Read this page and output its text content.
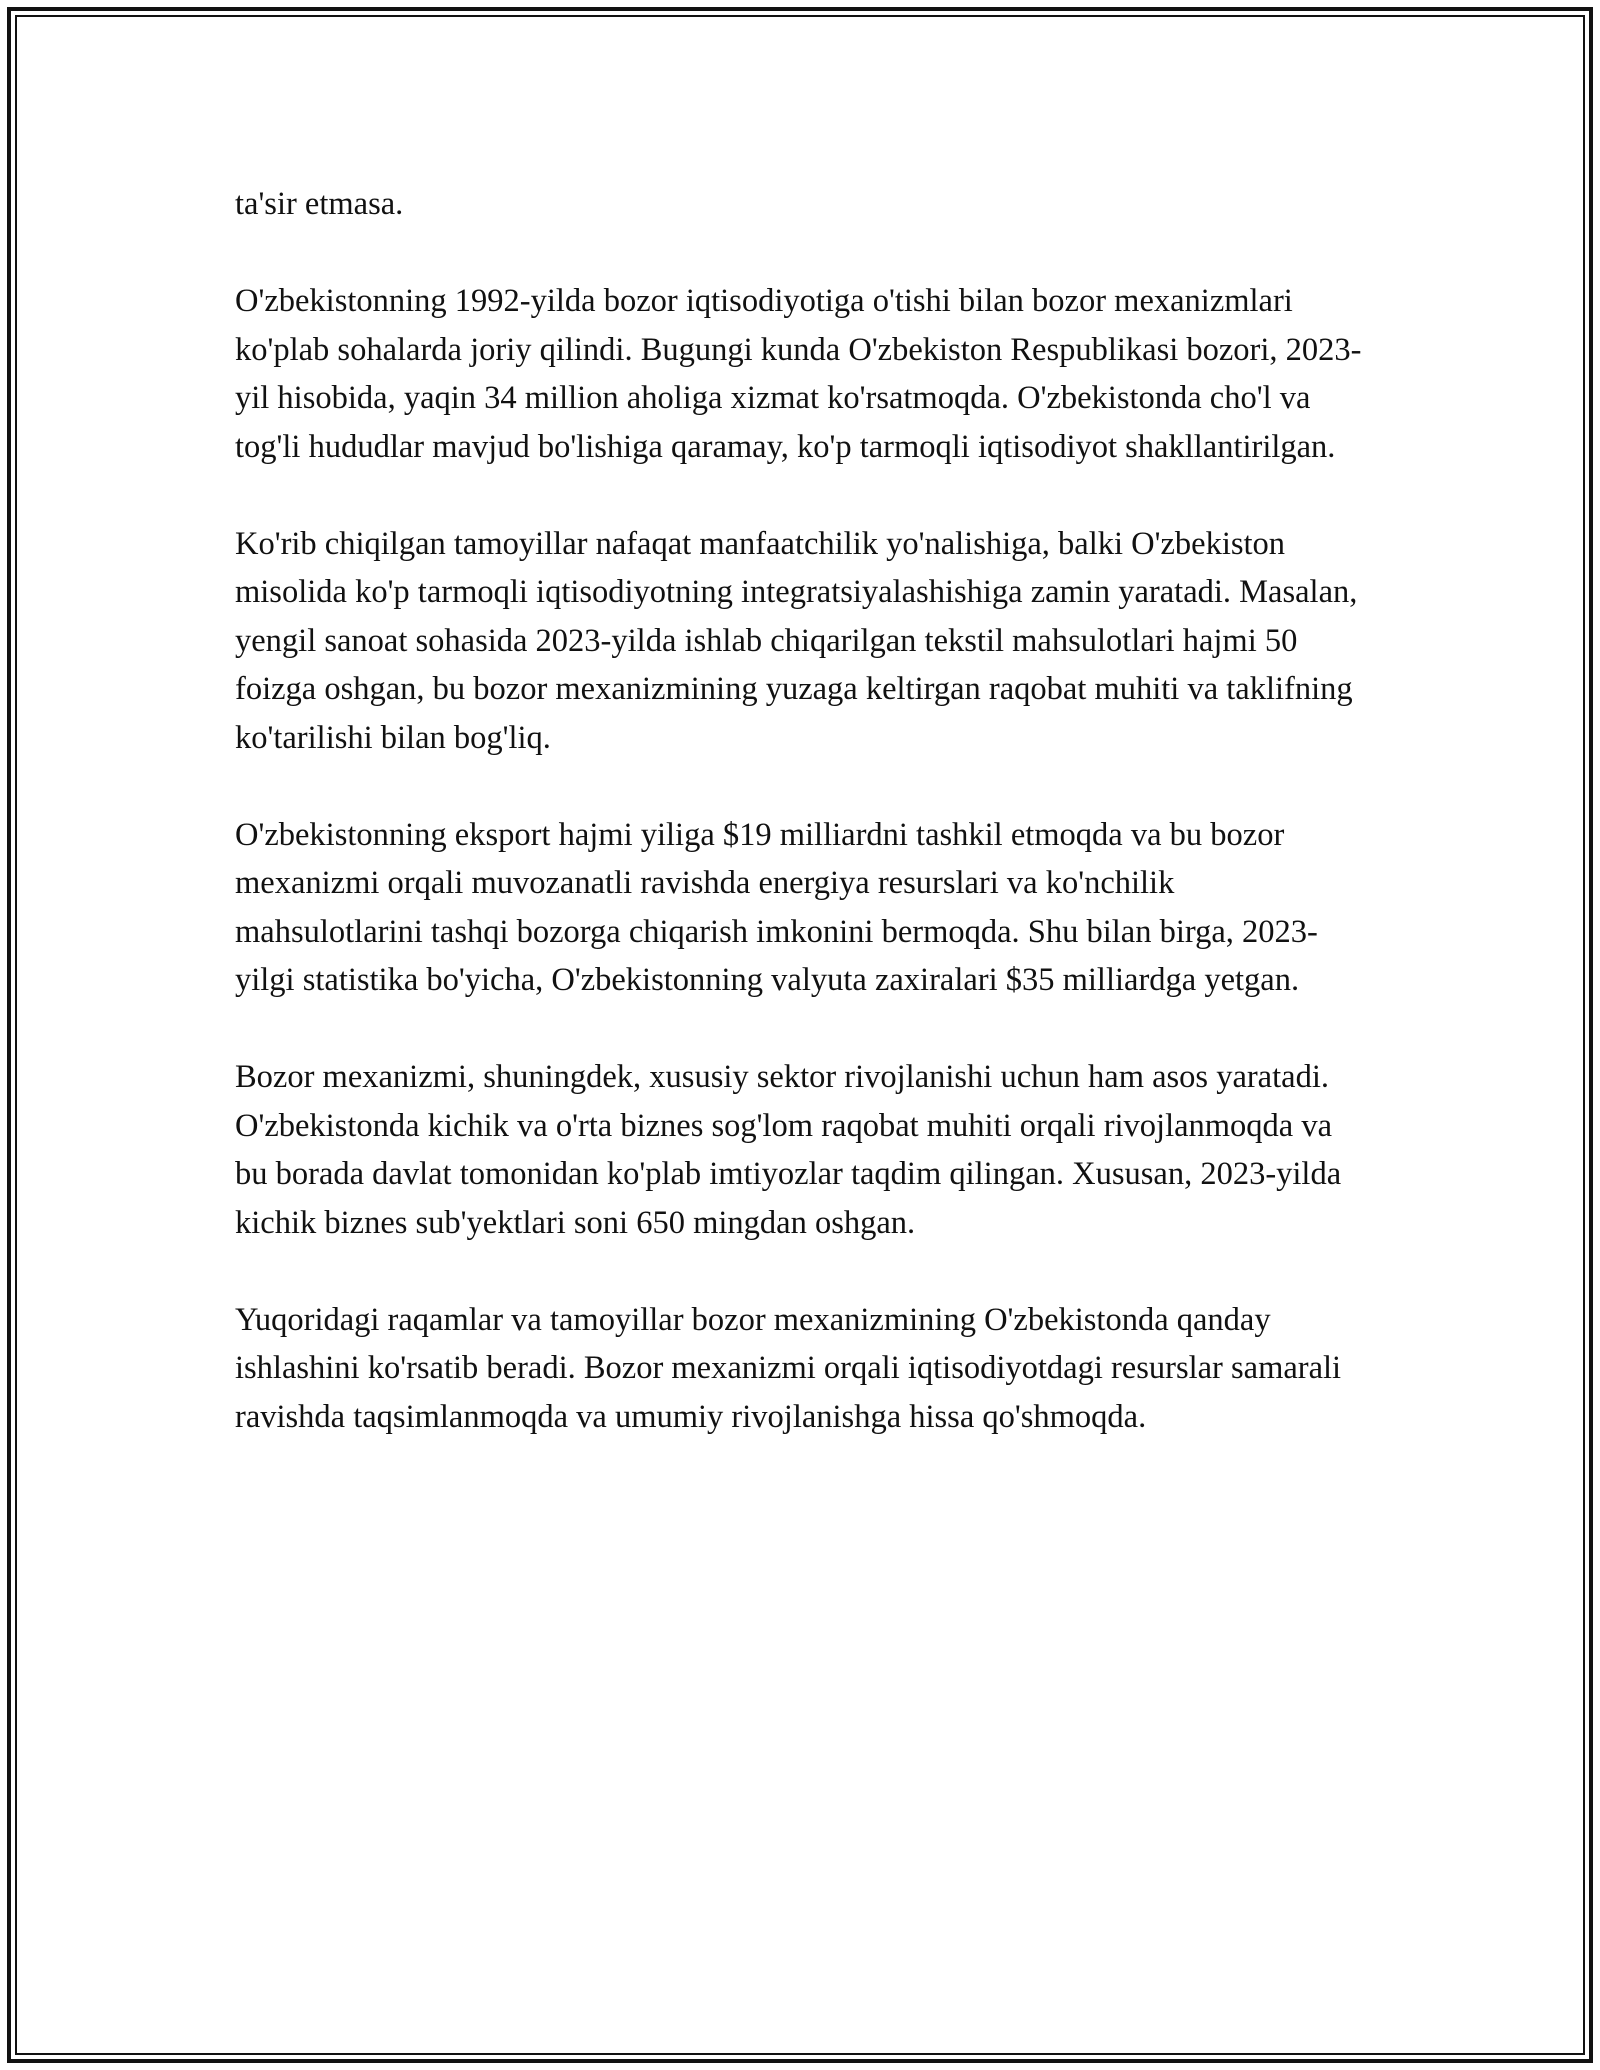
ta'sir etmasa.

O'zbekistonning 1992-yilda bozor iqtisodiyotiga o'tishi bilan bozor mexanizmlari ko'plab sohalarda joriy qilindi. Bugungi kunda O'zbekiston Respublikasi bozori, 2023-yil hisobida, yaqin 34 million aholiga xizmat ko'rsatmoqda. O'zbekistonda cho'l va tog'li hududlar mavjud bo'lishiga qaramay, ko'p tarmoqli iqtisodiyot shakllantirilgan.

Ko'rib chiqilgan tamoyillar nafaqat manfaatchilik yo'nalishiga, balki O'zbekiston misolida ko'p tarmoqli iqtisodiyotning integratsiyalashishiga zamin yaratadi. Masalan, yengil sanoat sohasida 2023-yilda ishlab chiqarilgan tekstil mahsulotlari hajmi 50 foizga oshgan, bu bozor mexanizmining yuzaga keltirgan raqobat muhiti va taklifning ko'tarilishi bilan bog'liq.

O'zbekistonning eksport hajmi yiliga $19 milliardni tashkil etmoqda va bu bozor mexanizmi orqali muvozanatli ravishda energiya resurslari va ko'nchilik mahsulotlarini tashqi bozorga chiqarish imkonini bermoqda. Shu bilan birga, 2023-yilgi statistika bo'yicha, O'zbekistonning valyuta zaxiralari $35 milliardga yetgan.

Bozor mexanizmi, shuningdek, xususiy sektor rivojlanishi uchun ham asos yaratadi. O'zbekistonda kichik va o'rta biznes sog'lom raqobat muhiti orqali rivojlanmoqda va bu borada davlat tomonidan ko'plab imtiyozlar taqdim qilingan. Xususan, 2023-yilda kichik biznes sub'yektlari soni 650 mingdan oshgan.

Yuqoridagi raqamlar va tamoyillar bozor mexanizmining O'zbekistonda qanday ishlashini ko'rsatib beradi. Bozor mexanizmi orqali iqtisodiyotdagi resurslar samarali ravishda taqsimlanmoqda va umumiy rivojlanishga hissa qo'shmoqda.
